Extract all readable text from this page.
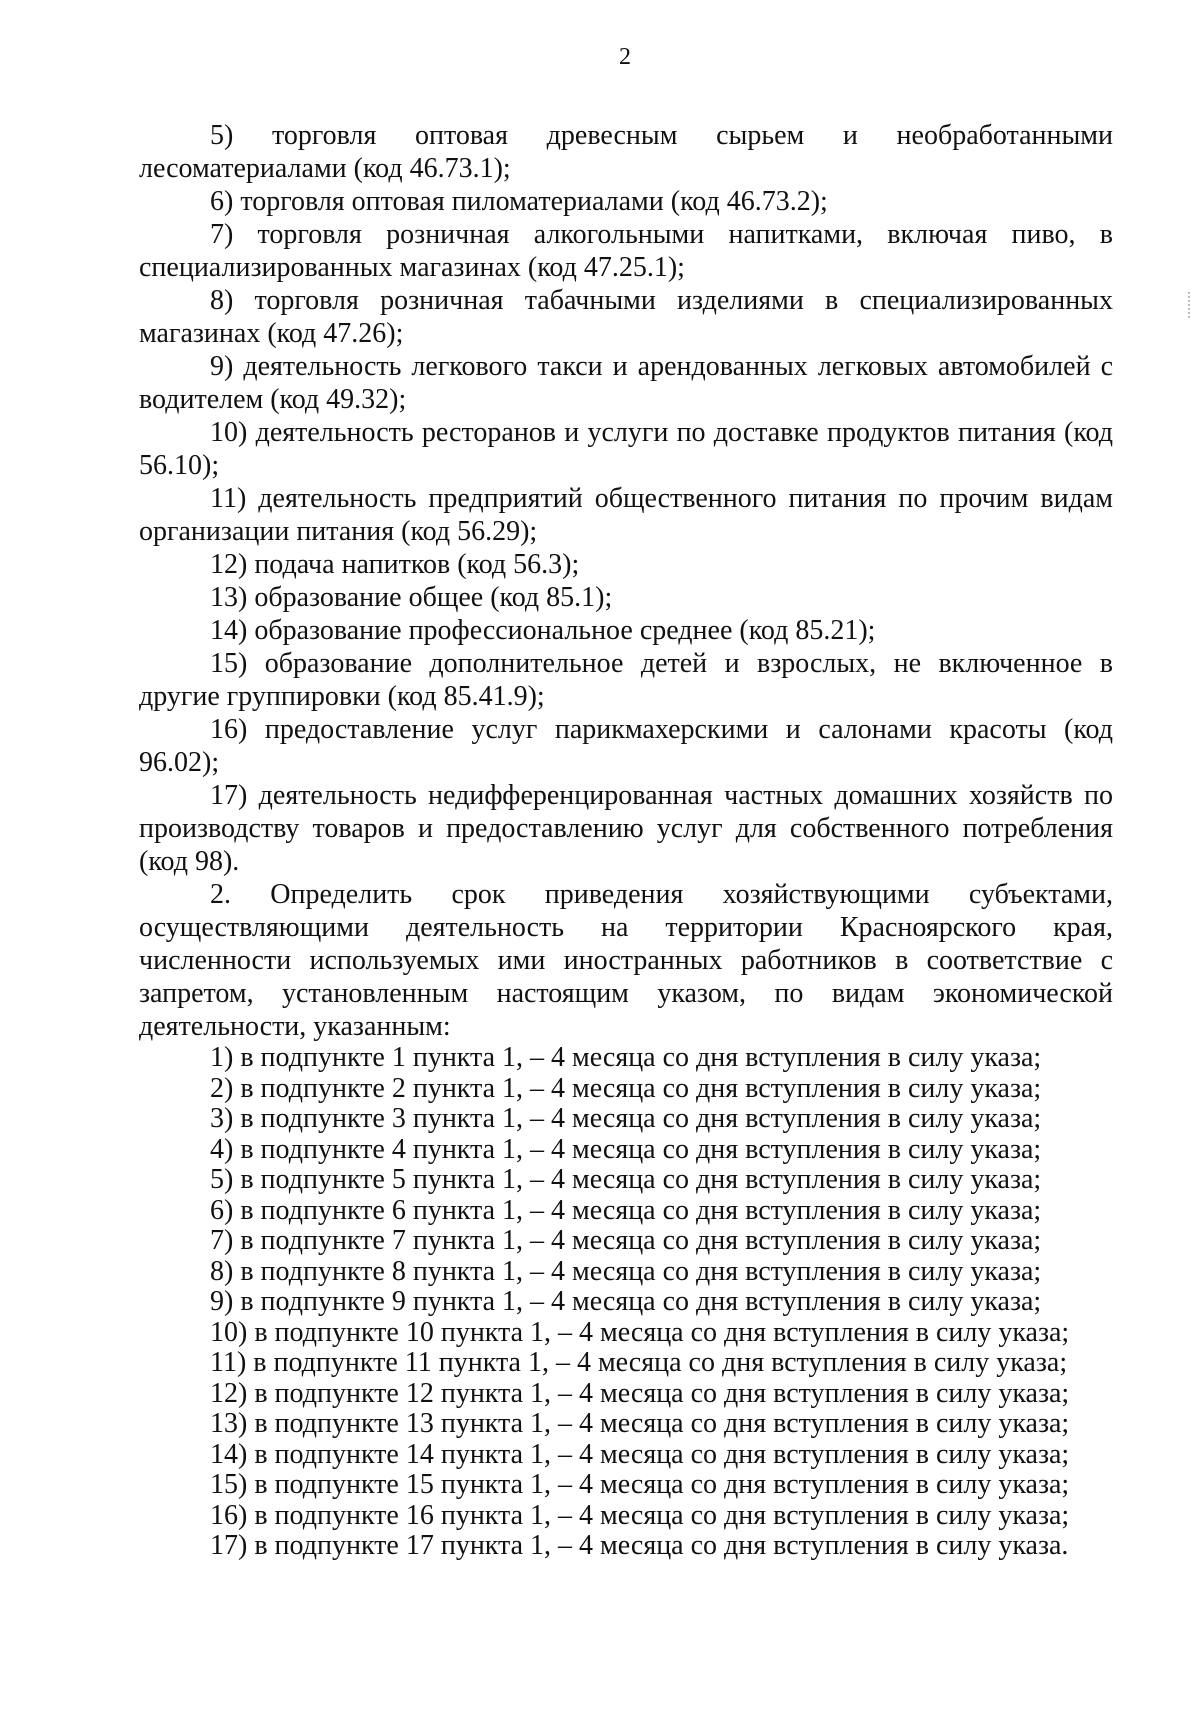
2

5) торговля оптовая древесным сырьем и необработанными лесоматериалами (код 46.73.1);

6) торговля оптовая пиломатериалами (код 46.73.2);

7) торговля розничная алкогольными напитками, включая пиво, в специализированных магазинах (код 47.25.1);

8) торговля розничная табачными изделиями в специализированных магазинах (код 47.26);

9) деятельность легкового такси и арендованных легковых автомобилей с водителем (код 49.32);

10) деятельность ресторанов и услуги по доставке продуктов питания (код 56.10);

11) деятельность предприятий общественного питания по прочим видам организации питания (код 56.29);

12) подача напитков (код 56.3);

13) образование общее (код 85.1);

14) образование профессиональное среднее (код 85.21);

15) образование дополнительное детей и взрослых, не включенное в другие группировки (код 85.41.9);

16) предоставление услуг парикмахерскими и салонами красоты (код 96.02);

17) деятельность недифференцированная частных домашних хозяйств по производству товаров и предоставлению услуг для собственного потребления (код 98).

2. Определить срок приведения хозяйствующими субъектами, осуществляющими деятельность на территории Красноярского края, численности используемых ими иностранных работников в соответствие с запретом, установленным настоящим указом, по видам экономической деятельности, указанным:

1) в подпункте 1 пункта 1, – 4 месяца со дня вступления в силу указа;

2) в подпункте 2 пункта 1, – 4 месяца со дня вступления в силу указа;

3) в подпункте 3 пункта 1, – 4 месяца со дня вступления в силу указа;

4) в подпункте 4 пункта 1, – 4 месяца со дня вступления в силу указа;

5) в подпункте 5 пункта 1, – 4 месяца со дня вступления в силу указа;

6) в подпункте 6 пункта 1, – 4 месяца со дня вступления в силу указа;

7) в подпункте 7 пункта 1, – 4 месяца со дня вступления в силу указа;

8) в подпункте 8 пункта 1, – 4 месяца со дня вступления в силу указа;

9) в подпункте 9 пункта 1, – 4 месяца со дня вступления в силу указа;

10) в подпункте 10 пункта 1, – 4 месяца со дня вступления в силу указа;

11) в подпункте 11 пункта 1, – 4 месяца со дня вступления в силу указа;

12) в подпункте 12 пункта 1, – 4 месяца со дня вступления в силу указа;

13) в подпункте 13 пункта 1, – 4 месяца со дня вступления в силу указа;

14) в подпункте 14 пункта 1, – 4 месяца со дня вступления в силу указа;

15) в подпункте 15 пункта 1, – 4 месяца со дня вступления в силу указа;

16) в подпункте 16 пункта 1, – 4 месяца со дня вступления в силу указа;

17) в подпункте 17 пункта 1, – 4 месяца со дня вступления в силу указа.
